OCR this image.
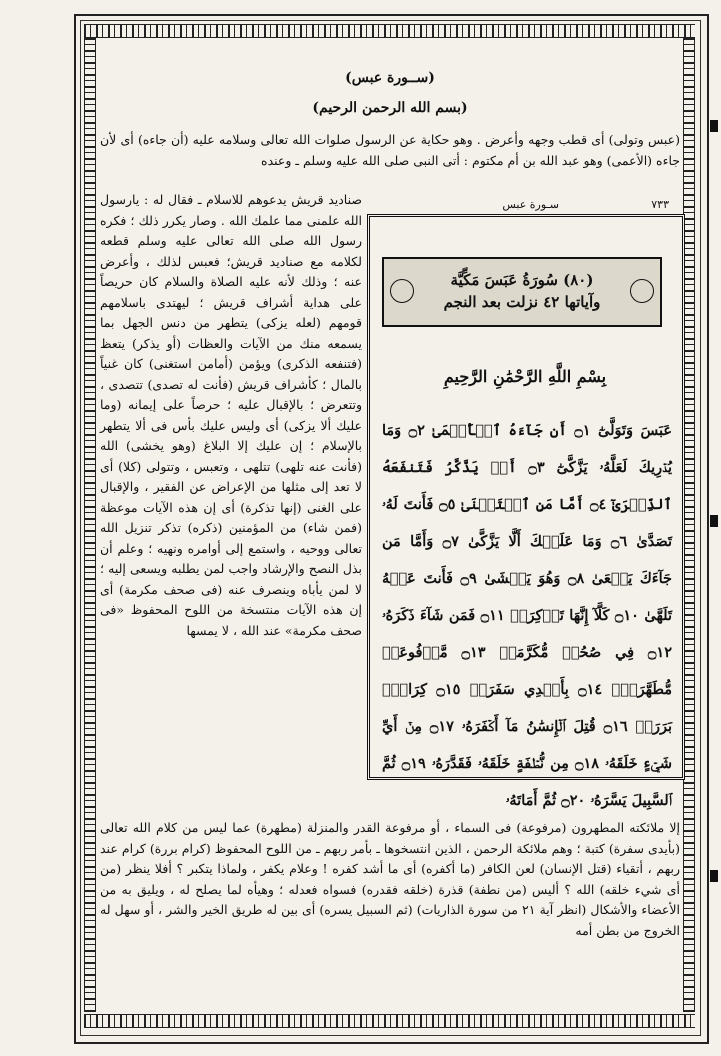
(ســورة عبس)
(بسم الله الرحمن الرحيم)
(عبس وتولى) أى قطب وجهه وأعرض . وهو حكاية عن الرسول صلوات الله تعالى وسلامه عليه (أن جاءه) أى لأن جاءه (الأعمى) وهو عبد الله بن أم مكتوم : أتى النبى صلى الله عليه وسلم ـ وعنده
صناديد قريش يدعوهم للاسلام ـ فقال له : يارسول الله علمنى مما علمك الله . وصار يكرر ذلك ؛ فكره رسول الله صلى الله تعالى عليه وسلم قطعه لكلامه مع صناديد قريش؛ فعبس لذلك ، وأعرض عنه ؛ وذلك لأنه عليه الصلاة والسلام كان حريصاً على هداية أشراف قريش ؛ ليهتدى باسلامهم قومهم (لعله يزكى) يتطهر من دنس الجهل بما يسمعه منك من الآيات والعظات (أو يذكر) يتعظ (فتنفعه الذكرى) ويؤمن (أمامن استغنى) كان غنياً بالمال ؛ كأشراف قريش (فأنت له تصدى) تتصدى ، وتتعرض ؛ بالإقبال عليه ؛ حرصاً على إيمانه (وما عليك ألا يزكى) أى وليس عليك بأس فى ألا يتطهر بالإسلام ؛ إن عليك إلا البلاغ (وهو يخشى) الله (فأنت عنه تلهى) تتلهى ، وتعبس ، وتتولى (كلا) أى لا تعد إلى مثلها من الإعراض عن الفقير ، والإقبال على الغنى (إنها تذكرة) أى إن هذه الآيات موعظة (فمن شاء) من المؤمنين (ذكره) تذكر تنزيل الله تعالى ووحيه ، واستمع إلى أوامره ونهيه ؛ وعلم أن بذل النصح والإرشاد واجب لمن يطلبه ويسعى إليه ؛ لا لمن يأباه وينصرف عنه (فى صحف مكرمة) أى إن هذه الآيات منتسخة من اللوح المحفوظ «فى صحف مكرمة» عند الله ، لا يمسها
٧٣٣
سـورة عبس
(٨٠) سُورَةُ عَبَسَ مَكِّيَّة
وآياتها ٤٢ نزلت بعد النجم
بِسْمِ اللَّهِ الرَّحْمَٰنِ الرَّحِيمِ
عَبَسَ وَتَوَلَّىٰٓ ۝١ أَن جَآءَهُ ٱلۡأَعۡمَىٰ ۝٢ وَمَا يُدۡرِيكَ لَعَلَّهُۥ يَزَّكَّىٰٓ ۝٣ أَوۡ يَذَّكَّرُ فَتَنفَعَهُ ٱلذِّكۡرَىٰٓ ۝٤ أَمَّا مَنِ ٱسۡتَغۡنَىٰ ۝٥ فَأَنتَ لَهُۥ تَصَدَّىٰ ۝٦ وَمَا عَلَيۡكَ أَلَّا يَزَّكَّىٰ ۝٧ وَأَمَّا مَن جَآءَكَ يَسۡعَىٰ ۝٨ وَهُوَ يَخۡشَىٰ ۝٩ فَأَنتَ عَنۡهُ تَلَهَّىٰ ۝١٠ كَلَّآ إِنَّهَا تَذۡكِرَةٞ ۝١١ فَمَن شَآءَ ذَكَرَهُۥ ۝١٢ فِي صُحُفٖ مُّكَرَّمَةٖ ۝١٣ مَّرۡفُوعَةٖ مُّطَهَّرَةِۭ ۝١٤ بِأَيۡدِي سَفَرَةٖ ۝١٥ كِرَامِۭ بَرَرَةٖ ۝١٦ قُتِلَ ٱلۡإِنسَٰنُ مَآ أَكۡفَرَهُۥ ۝١٧ مِنۡ أَيِّ شَيۡءٍ خَلَقَهُۥ ۝١٨ مِن نُّطۡفَةٍ خَلَقَهُۥ فَقَدَّرَهُۥ ۝١٩ ثُمَّ ٱلسَّبِيلَ يَسَّرَهُۥ ۝٢٠ ثُمَّ أَمَاتَهُۥ
إلا ملائكته المطهرون (مرفوعة) فى السماء ، أو مرفوعة القدر والمنزلة (مطهرة) عما ليس من كلام الله تعالى (بأيدى سفرة) كتبة ؛ وهم ملائكة الرحمن ، الذين انتسخوها ـ بأمر ربهم ـ من اللوح المحفوظ (كرام بررة) كرام عند ربهم ، أتقياء (قتل الإنسان) لعن الكافر (ما أكفره) أى ما أشد كفره ! وعلام يكفر ، ولماذا يتكبر ؟ أفلا ينظر (من أى شيء خلقه) الله ؟ أليس (من نطفة) قذرة (خلقه فقدره) فسواه فعدله ؛ وهيأه لما يصلح له ، ويليق به من الأعضاء والأشكال (انظر آية ٢١ من سورة الذاريات) (ثم السبيل يسره) أى بين له طريق الخير والشر ، أو سهل له الخروج من بطن أمه
